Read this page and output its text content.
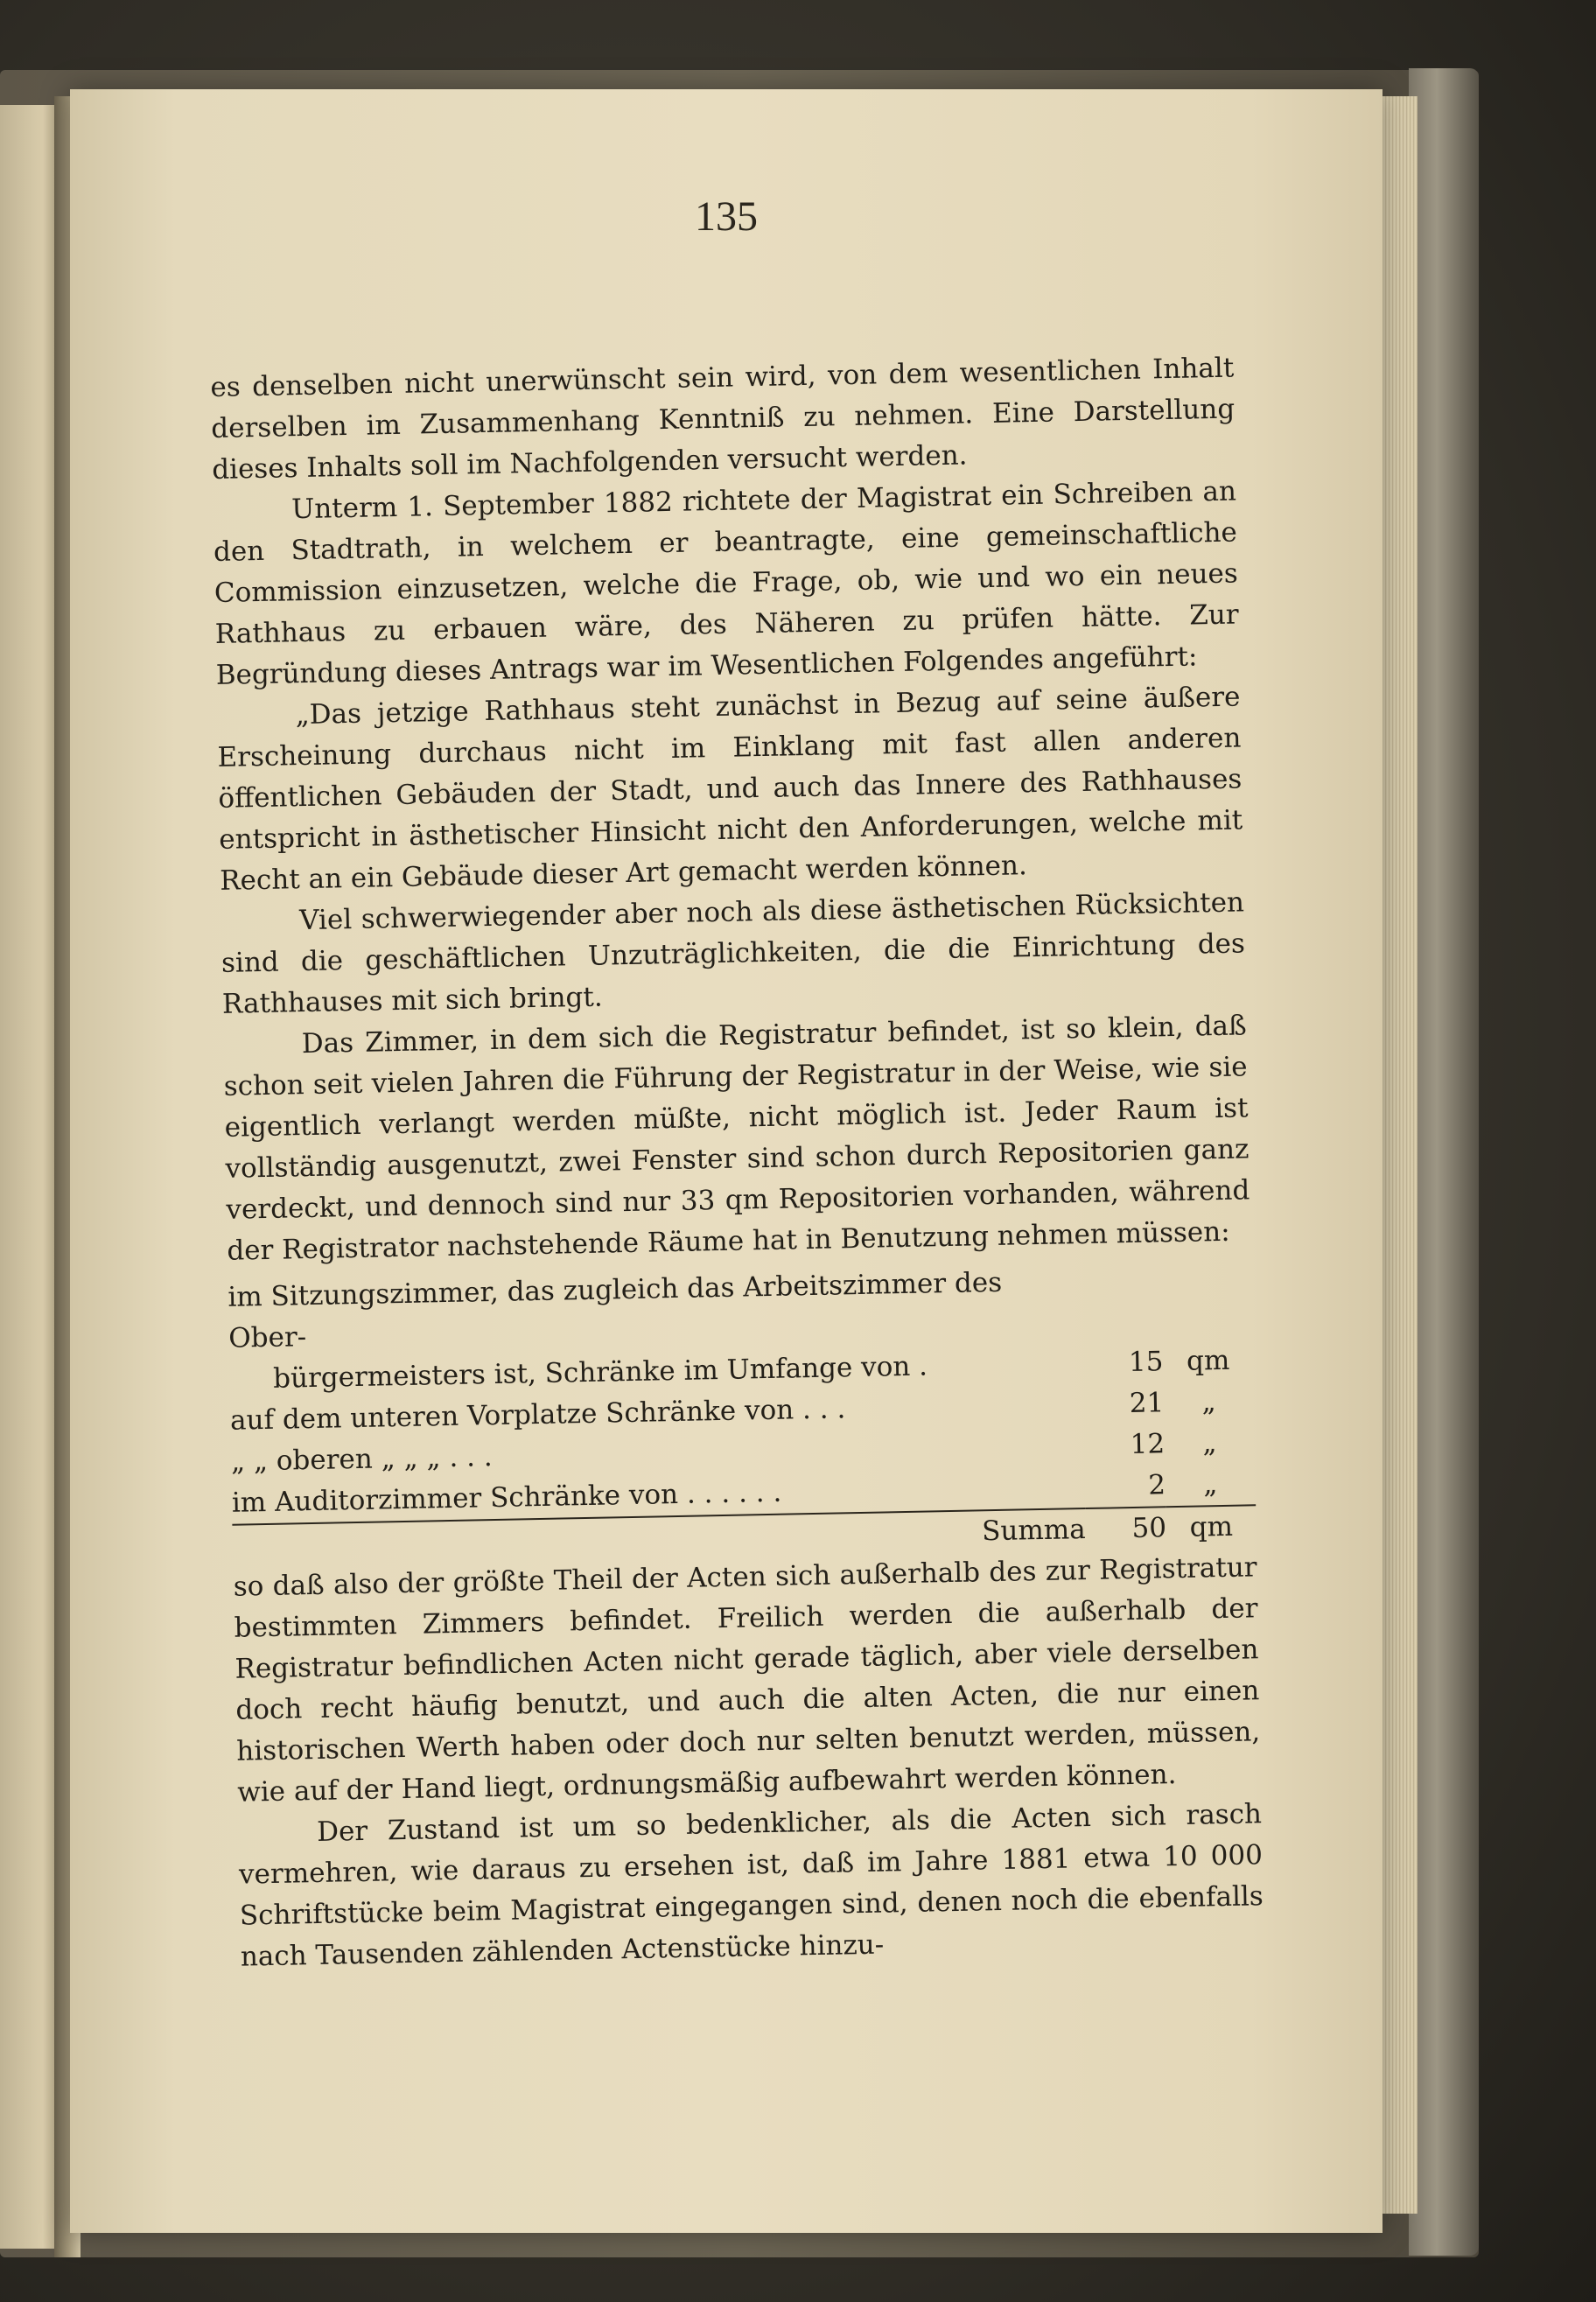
135

es denselben nicht unerwünscht sein wird, von dem wesentlichen Inhalt derselben im Zusammenhang Kenntniß zu nehmen. Eine Darstellung dieses Inhalts soll im Nachfolgenden versucht werden.

Unterm 1. September 1882 richtete der Magistrat ein Schreiben an den Stadtrath, in welchem er beantragte, eine gemeinschaftliche Commission einzusetzen, welche die Frage, ob, wie und wo ein neues Rathhaus zu erbauen wäre, des Näheren zu prüfen hätte. Zur Begründung dieses Antrags war im Wesentlichen Folgendes angeführt:

„Das jetzige Rathhaus steht zunächst in Bezug auf seine äußere Erscheinung durchaus nicht im Einklang mit fast allen anderen öffentlichen Gebäuden der Stadt, und auch das Innere des Rathhauses entspricht in ästhetischer Hinsicht nicht den Anforderungen, welche mit Recht an ein Gebäude dieser Art gemacht werden können.

Viel schwerwiegender aber noch als diese ästhetischen Rücksichten sind die geschäftlichen Unzuträglichkeiten, die die Einrichtung des Rathhauses mit sich bringt.

Das Zimmer, in dem sich die Registratur befindet, ist so klein, daß schon seit vielen Jahren die Führung der Registratur in der Weise, wie sie eigentlich verlangt werden müßte, nicht möglich ist. Jeder Raum ist vollständig ausgenutzt, zwei Fenster sind schon durch Repositorien ganz verdeckt, und dennoch sind nur 33 qm Repositorien vorhanden, während der Registrator nachstehende Räume hat in Benutzung nehmen müssen:

im Sitzungszimmer, das zugleich das Arbeitszimmer des Ober-		
bürgermeisters ist, Schränke im Umfange von .	15	qm
auf dem unteren Vorplatze Schränke von . . .	21	„
„ „ oberen „ „ „ . . .	12	„
im Auditorzimmer Schränke von . . . . . .	2	„
Summa	50	qm

so daß also der größte Theil der Acten sich außerhalb des zur Registratur bestimmten Zimmers befindet. Freilich werden die außerhalb der Registratur befindlichen Acten nicht gerade täglich, aber viele derselben doch recht häufig benutzt, und auch die alten Acten, die nur einen historischen Werth haben oder doch nur selten benutzt werden, müssen, wie auf der Hand liegt, ordnungsmäßig aufbewahrt werden können.

Der Zustand ist um so bedenklicher, als die Acten sich rasch vermehren, wie daraus zu ersehen ist, daß im Jahre 1881 etwa 10 000 Schriftstücke beim Magistrat eingegangen sind, denen noch die ebenfalls nach Tausenden zählenden Actenstücke hinzu-
